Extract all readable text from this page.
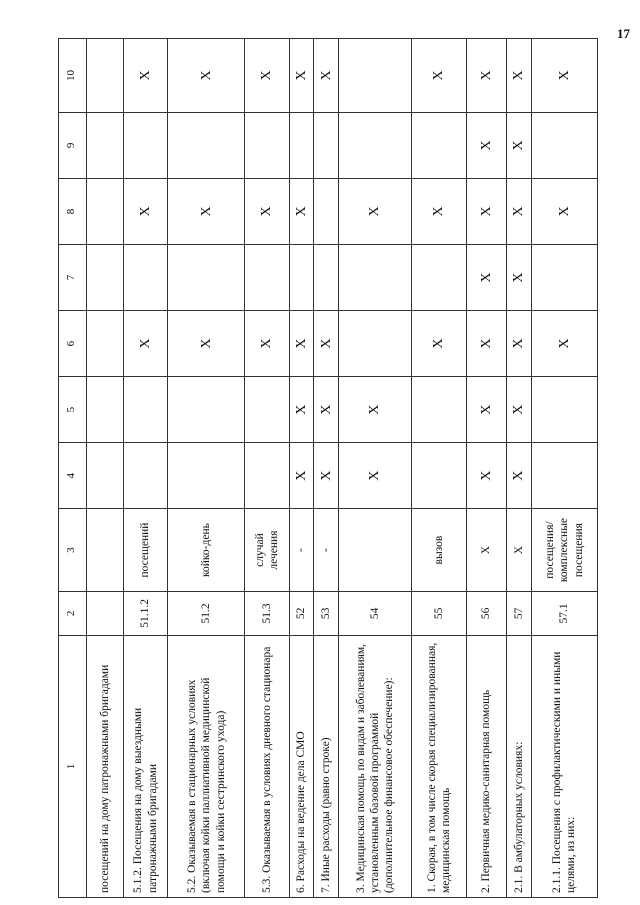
17
1	2	3	4	5	6	7	8	9	10
посещений на дому патронажными бригадами									
5.1.2. Посещения на дому выездными патронажными бригадами	51.1.2	посещений			X		X		X
5.2. Оказываемая в стационарных условиях (включая койки паллиативной медицинской помощи и койки сестринского ухода)	51.2	койко-день			X		X		X
5.3. Оказываемая в условиях дневного стационара	51.3	случай лечения			X		X		X
6. Расходы на ведение дела СМО	52	-	X	X	X		X		X
7. Иные расходы (равно строке)	53	-	X	X	X				X
3. Медицинская помощь по видам и заболеваниям, установленным базовой программой (дополнительное финансовое обеспечение):	54		X	X			X		
1. Скорая, в том числе скорая специализированная, медицинская помощь	55	вызов			X		X		X
2. Первичная медико-санитарная помощь	56	X	X	X	X	X	X	X	X
2.1. В амбулаторных условиях:	57	X	X	X	X	X	X	X	X
2.1.1. Посещения с профилактическими и иными целями, из них:	57.1	посещения/комплексные посещения			X		X		X
